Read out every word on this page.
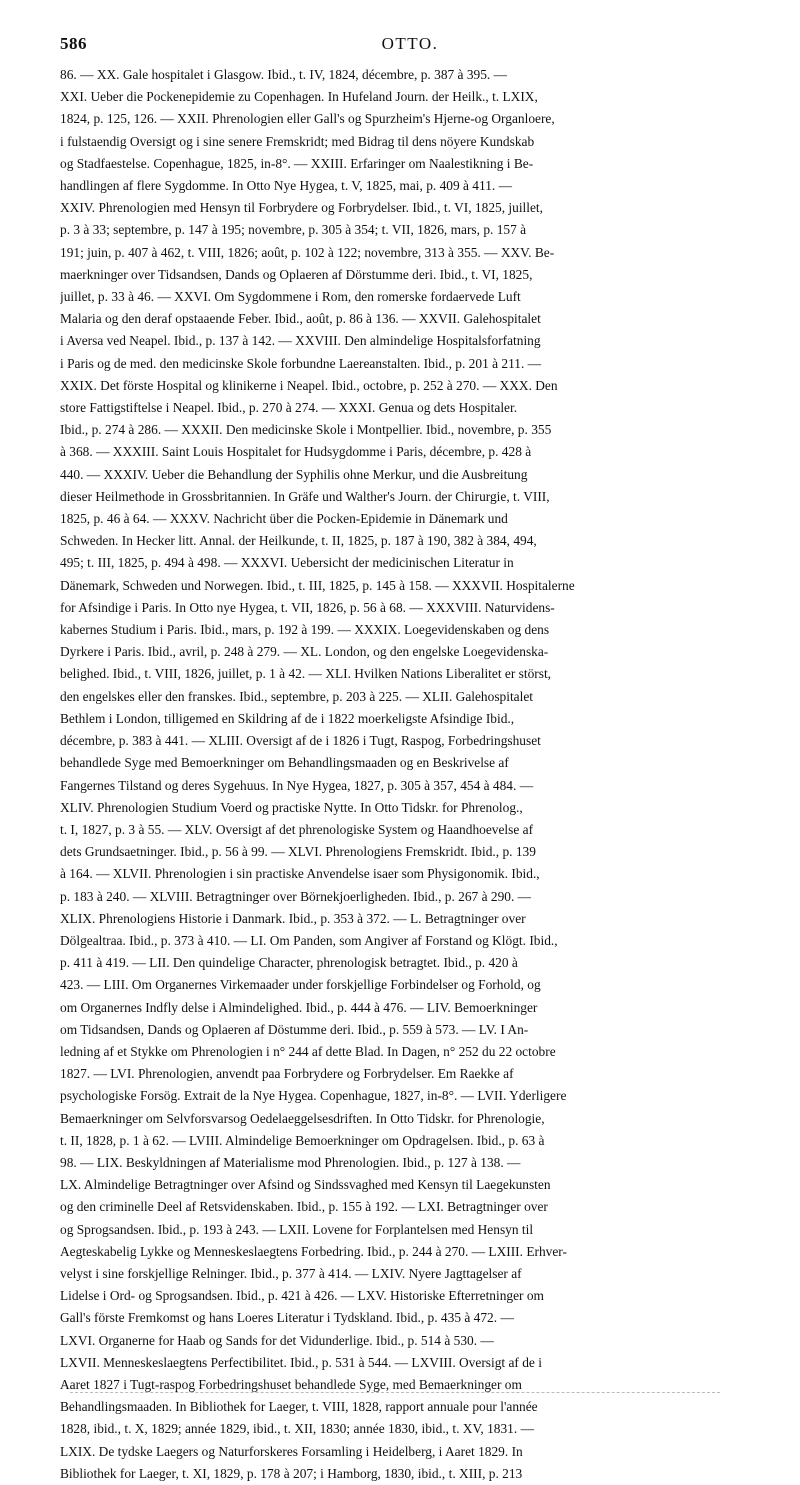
586	OTTO.
86. — XX. Gale hospitalet i Glasgow. Ibid., t. IV, 1824, décembre, p. 387 à 395. —
XXI. Ueber die Pockenepidemie zu Copenhagen. In Hufeland Journ. der Heilk., t. LXIX,
1824, p. 125, 126. — XXII. Phrenologien eller Gall's og Spurzheim's Hjerne-og Organloere,
i fulstaendig Oversigt og i sine senere Fremskridt; med Bidrag til dens nöyere Kundskab
og Stadfaestelse. Copenhague, 1825, in-8°. — XXIII. Erfaringer om Naalestikning i Be-
handlingen af flere Sygdomme. In Otto Nye Hygea, t. V, 1825, mai, p. 409 à 411. —
XXIV. Phrenologien med Hensyn til Forbrydere og Forbrydelser. Ibid., t. VI, 1825, juillet,
p. 3 à 33; septembre, p. 147 à 195; novembre, p. 305 à 354; t. VII, 1826, mars, p. 157 à
191; juin, p. 407 à 462, t. VIII, 1826; août, p. 102 à 122; novembre, 313 à 355. — XXV. Be-
maerkninger over Tidsandsen, Dands og Oplaeren af Dörstumme deri. Ibid., t. VI, 1825,
juillet, p. 33 à 46. — XXVI. Om Sygdommene i Rom, den romerske fordaervede Luft
Malaria og den deraf opstaaende Feber. Ibid., août, p. 86 à 136. — XXVII. Galehospitalet
i Aversa ved Neapel. Ibid., p. 137 à 142. — XXVIII. Den almindelige Hospitalsforfatning
i Paris og de med. den medicinske Skole forbundne Laereanstalten. Ibid., p. 201 à 211. —
XXIX. Det förste Hospital og klinikerne i Neapel. Ibid., octobre, p. 252 à 270. — XXX. Den
store Fattigstiftelse i Neapel. Ibid., p. 270 à 274. — XXXI. Genua og dets Hospitaler.
Ibid., p. 274 à 286. — XXXII. Den medicinske Skole i Montpellier. Ibid., novembre, p. 355
à 368. — XXXIII. Saint Louis Hospitalet for Hudsygdomme i Paris, décembre, p. 428 à
440. — XXXIV. Ueber die Behandlung der Syphilis ohne Merkur, und die Ausbreitung
dieser Heilmethode in Grossbritannien. In Gräfe und Walther's Journ. der Chirurgie, t. VIII,
1825, p. 46 à 64. — XXXV. Nachricht über die Pocken-Epidemie in Dänemark und
Schweden. In Hecker litt. Annal. der Heilkunde, t. II, 1825, p. 187 à 190, 382 à 384, 494,
495; t. III, 1825, p. 494 à 498. — XXXVI. Uebersicht der medicinischen Literatur in
Dänemark, Schweden und Norwegen. Ibid., t. III, 1825, p. 145 à 158. — XXXVII. Hospitalerne
for Afsindige i Paris. In Otto nye Hygea, t. VII, 1826, p. 56 à 68. — XXXVIII. Naturvidens-
kabernes Studium i Paris. Ibid., mars, p. 192 à 199. — XXXIX. Loegevidenskaben og dens
Dyrkere i Paris. Ibid., avril, p. 248 à 279. — XL. London, og den engelske Loegevidenska-
belighed. Ibid., t. VIII, 1826, juillet, p. 1 à 42. — XLI. Hvilken Nations Liberalitet er störst,
den engelskes eller den franskes. Ibid., septembre, p. 203 à 225. — XLII. Galehospitalet
Bethlem i London, tilligemed en Skildring af de i 1822 moerkeligste Afsindige Ibid.,
décembre, p. 383 à 441. — XLIII. Oversigt af de i 1826 i Tugt, Raspog, Forbedringshuset
behandlede Syge med Bemoerkninger om Behandlingsmaaden og en Beskrivelse af
Fangernes Tilstand og deres Sygehuus. In Nye Hygea, 1827, p. 305 à 357, 454 à 484. —
XLIV. Phrenologien Studium Voerd og practiske Nytte. In Otto Tidskr. for Phrenolog.,
t. I, 1827, p. 3 à 55. — XLV. Oversigt af det phrenologiske System og Haandhoevelse af
dets Grundsaetninger. Ibid., p. 56 à 99. — XLVI. Phrenologiens Fremskridt. Ibid., p. 139
à 164. — XLVII. Phrenologien i sin practiske Anvendelse isaer som Physigonomik. Ibid.,
p. 183 à 240. — XLVIII. Betragtninger over Börnekjoerligheden. Ibid., p. 267 à 290. —
XLIX. Phrenologiens Historie i Danmark. Ibid., p. 353 à 372. — L. Betragtninger over
Dölgealtraa. Ibid., p. 373 à 410. — LI. Om Panden, som Angiver af Forstand og Klögt. Ibid.,
p. 411 à 419. — LII. Den quindelige Character, phrenologisk betragtet. Ibid., p. 420 à
423. — LIII. Om Organernes Virkemaader under forskjellige Forbindelser og Forhold, og
om Organernes Indfly delse i Almindelighed. Ibid., p. 444 à 476. — LIV. Bemoerkninger
om Tidsandsen, Dands og Oplaeren af Döstumme deri. Ibid., p. 559 à 573. — LV. I An-
ledning af et Stykke om Phrenologien i n° 244 af dette Blad. In Dagen, n° 252 du 22 octobre
1827. — LVI. Phrenologien, anvendt paa Forbrydere og Forbrydelser. Em Raekke af
psychologiske Forsög. Extrait de la Nye Hygea. Copenhague, 1827, in-8°. — LVII. Yderligere
Bemaerkninger om Selvforsvarsog Oedelaeggelsesdriften. In Otto Tidskr. for Phrenologie,
t. II, 1828, p. 1 à 62. — LVIII. Almindelige Bemoerkninger om Opdragelsen. Ibid., p. 63 à
98. — LIX. Beskyldningen af Materialisme mod Phrenologien. Ibid., p. 127 à 138. —
LX. Almindelige Betragtninger over Afsind og Sindssvaghed med Kensyn til Laegekunsten
og den criminelle Deel af Retsvidenskaben. Ibid., p. 155 à 192. — LXI. Betragtninger over
og Sprogsandsen. Ibid., p. 193 à 243. — LXII. Lovene for Forplantelsen med Hensyn til
Aegteskabelig Lykke og Menneskeslaegtens Forbedring. Ibid., p. 244 à 270. — LXIII. Erhver-
velyst i sine forskjellige Relninger. Ibid., p. 377 à 414. — LXIV. Nyere Jagttagelser af
Lidelse i Ord- og Sprogsandsen. Ibid., p. 421 à 426. — LXV. Historiske Efterretninger om
Gall's förste Fremkomst og hans Loeres Literatur i Tydskland. Ibid., p. 435 à 472. —
LXVI. Organerne for Haab og Sands for det Vidunderlige. Ibid., p. 514 à 530. —
LXVII. Menneskeslaegtens Perfectibilitet. Ibid., p. 531 à 544. — LXVIII. Oversigt af de i
Aaret 1827 i Tugt-raspog Forbedringshuset behandlede Syge, med Bemaerkninger om
Behandlingsmaaden. In Bibliothek for Laeger, t. VIII, 1828, rapport annuale pour l'année
1828, ibid., t. X, 1829; année 1829, ibid., t. XII, 1830; année 1830, ibid., t. XV, 1831. —
LXIX. De tydske Laegers og Naturforskeres Forsamling i Heidelberg, i Aaret 1829. In
Bibliothek for Laeger, t. XI, 1829, p. 178 à 207; i Hamborg, 1830, ibid., t. XIII, p. 213
